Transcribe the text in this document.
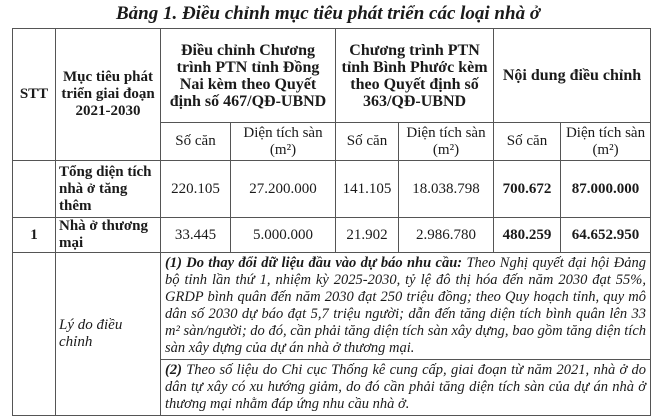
Bảng 1. Điều chỉnh mục tiêu phát triển các loại nhà ở
STT	Mục tiêu phát triển giai đoạn 2021-2030	Điều chỉnh Chương trình PTN tỉnh Đồng Nai kèm theo Quyết định số 467/QĐ-UBND		Chương trình PTN tỉnh Bình Phước kèm theo Quyết định số 363/QĐ-UBND		Nội dung điều chỉnh	
		Số căn	Diện tích sàn (m²)	Số căn	Diện tích sàn (m²)	Số căn	Diện tích sàn (m²)
	Tổng diện tích nhà ở tăng thêm	220.105	27.200.000	141.105	18.038.798	700.672	87.000.000
1	Nhà ở thương mại	33.445	5.000.000	21.902	2.986.780	480.259	64.652.950
	Lý do điều chỉnh	(1) Do thay đổi dữ liệu đầu vào dự báo nhu cầu: Theo Nghị quyết đại hội Đảng bộ tỉnh lần thứ 1, nhiệm kỳ 2025-2030, tỷ lệ đô thị hóa đến năm 2030 đạt 55%, GRDP bình quân đến năm 2030 đạt 250 triệu đồng; theo Quy hoạch tỉnh, quy mô dân số 2030 dự báo đạt 5,7 triệu người; dẫn đến tăng diện tích bình quân lên 33 m² sàn/người; do đó, cần phải tăng diện tích sàn xây dựng, bao gồm tăng diện tích sàn xây dựng của dự án nhà ở thương mại.					
		(2) Theo số liệu do Chi cục Thống kê cung cấp, giai đoạn từ năm 2021, nhà ở do dân tự xây có xu hướng giảm, do đó cần phải tăng diện tích sàn của dự án nhà ở thương mại nhằm đáp ứng nhu cầu nhà ở.					
